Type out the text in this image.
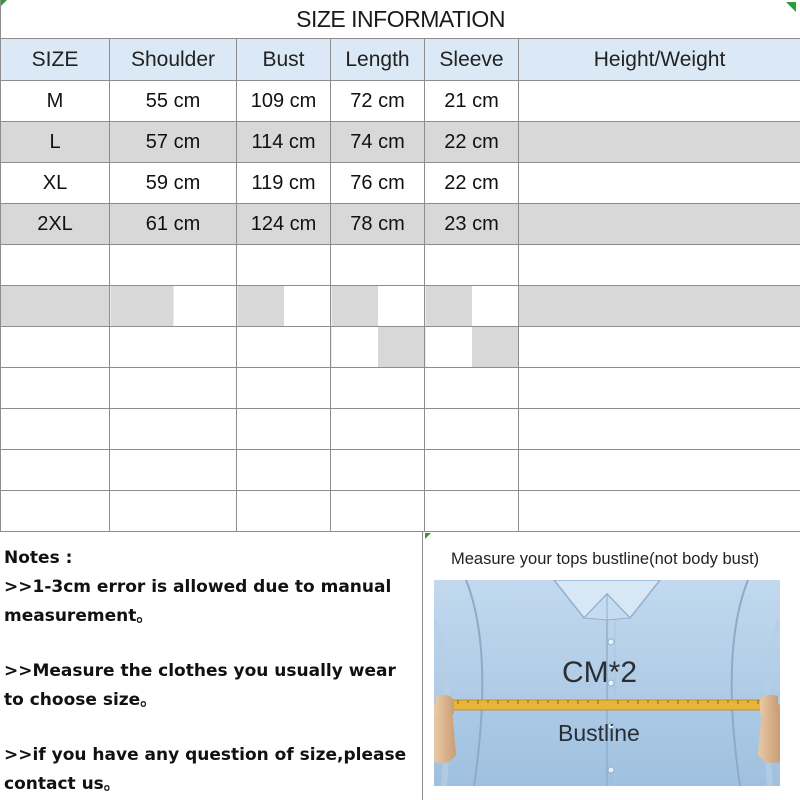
SIZE INFORMATION					
SIZE	Shoulder	Bust	Length	Sleeve	Height/Weight
M	55 cm	109 cm	72 cm	21 cm	
L	57 cm	114 cm	74 cm	22 cm	
XL	59 cm	119 cm	76 cm	22 cm	
2XL	61 cm	124 cm	78 cm	23 cm	

Notes :

>>1-3cm error is allowed due to manual measurement。

>>Measure the clothes you usually wear to choose size。

>>if you have any question of size,please contact us。

Measure your tops bustline(not body bust)
CM*2
Bustline
